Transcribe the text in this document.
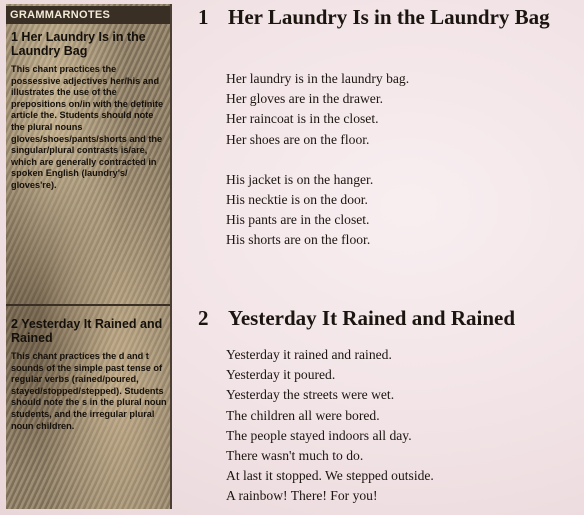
GRAMMARNOTES
1 Her Laundry Is in the Laundry Bag

This chant practices the possessive adjectives her/his and illustrates the use of the prepositions on/in with the definite article the. Students should note the plural nouns gloves/shoes/pants/shorts and the singular/plural contrasts is/are, which are generally contracted in spoken English (laundry's/ gloves're).

2 Yesterday It Rained and Rained

This chant practices the d and t sounds of the simple past tense of regular verbs (rained/poured, stayed/stopped/stepped). Students should note the s in the plural noun students, and the irregular plural noun children.

1 Her Laundry Is in the Laundry Bag
Her laundry is in the laundry bag.
Her gloves are in the drawer.
Her raincoat is in the closet.
Her shoes are on the floor.
His jacket is on the hanger.
His necktie is on the door.
His pants are in the closet.
His shorts are on the floor.
2 Yesterday It Rained and Rained
Yesterday it rained and rained.
Yesterday it poured.
Yesterday the streets were wet.
The children all were bored.
The people stayed indoors all day.
There wasn't much to do.
At last it stopped. We stepped outside.
A rainbow! There! For you!
